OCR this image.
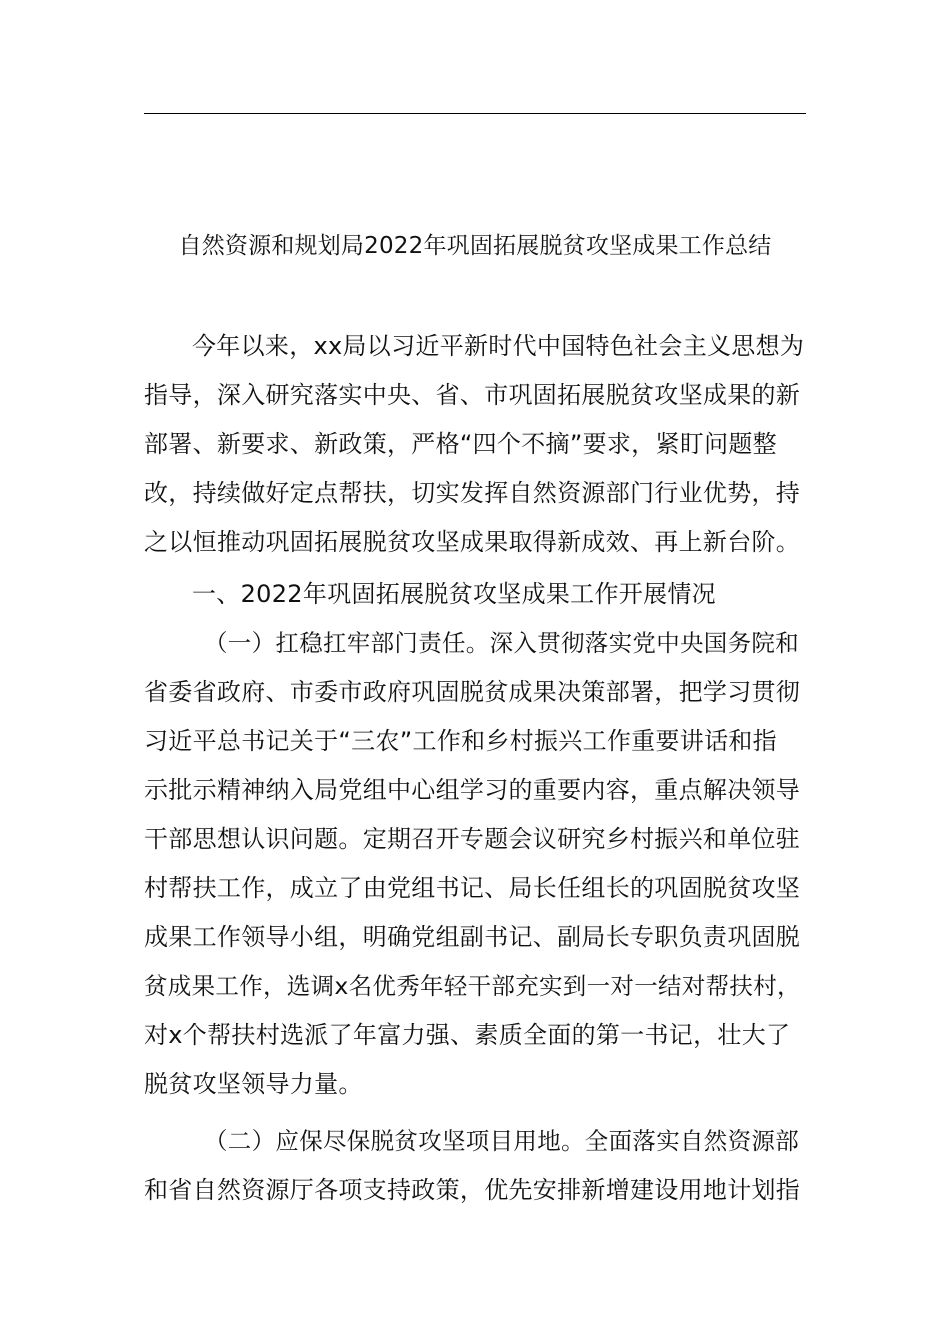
自然资源和规划局2022年巩固拓展脱贫攻坚成果工作总结
今年以来，xx局以习近平新时代中国特色社会主义思想为
指导，深入研究落实中央、省、市巩固拓展脱贫攻坚成果的新
部署、新要求、新政策，严格“四个不摘”要求，紧盯问题整
改，持续做好定点帮扶，切实发挥自然资源部门行业优势，持
之以恒推动巩固拓展脱贫攻坚成果取得新成效、再上新台阶。
一、2022年巩固拓展脱贫攻坚成果工作开展情况
（一）扛稳扛牢部门责任。深入贯彻落实党中央国务院和
省委省政府、市委市政府巩固脱贫成果决策部署，把学习贯彻
习近平总书记关于“三农”工作和乡村振兴工作重要讲话和指
示批示精神纳入局党组中心组学习的重要内容，重点解决领导
干部思想认识问题。定期召开专题会议研究乡村振兴和单位驻
村帮扶工作，成立了由党组书记、局长任组长的巩固脱贫攻坚
成果工作领导小组，明确党组副书记、副局长专职负责巩固脱
贫成果工作，选调x名优秀年轻干部充实到一对一结对帮扶村，
对x个帮扶村选派了年富力强、素质全面的第一书记，壮大了
脱贫攻坚领导力量。
（二）应保尽保脱贫攻坚项目用地。全面落实自然资源部
和省自然资源厅各项支持政策，优先安排新增建设用地计划指
